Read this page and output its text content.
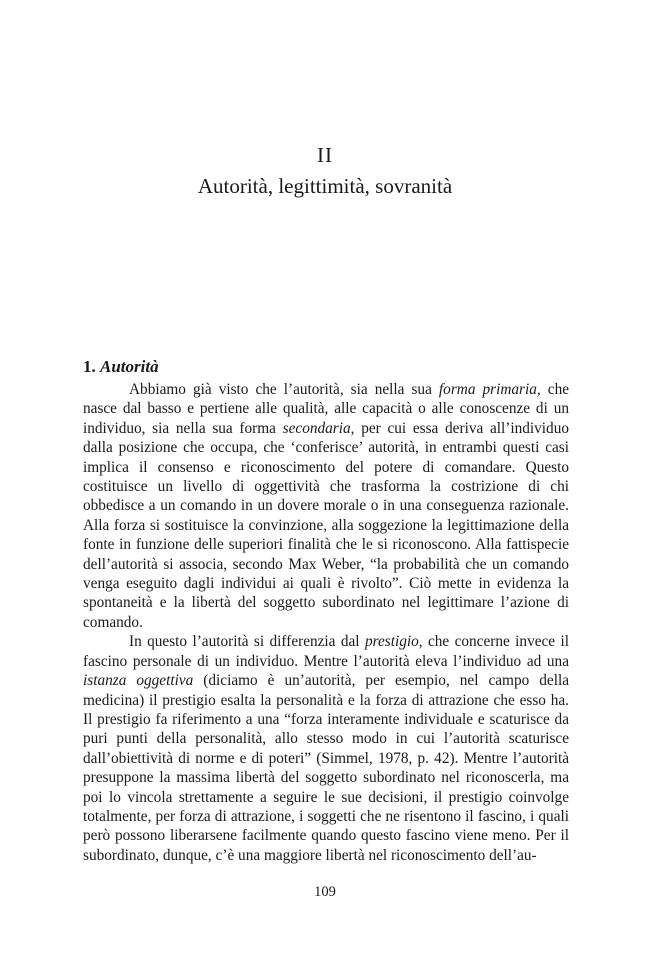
II
Autorità, legittimità, sovranità
1. Autorità

Abbiamo già visto che l’autorità, sia nella sua forma primaria, che nasce dal basso e pertiene alle qualità, alle capacità o alle conoscenze di un individuo, sia nella sua forma secondaria, per cui essa deriva all’individuo dalla posizione che occupa, che ‘conferisce’ autorità, in entrambi questi casi implica il consenso e riconoscimento del potere di comandare. Questo costituisce un livello di oggettività che trasforma la costrizione di chi obbedisce a un comando in un dovere morale o in una conseguenza razionale. Alla forza si sostituisce la convinzione, alla soggezione la legittimazione della fonte in funzione delle superiori finalità che le si riconoscono. Alla fattispecie dell’autorità si associa, secondo Max Weber, “la probabilità che un comando venga eseguito dagli individui ai quali è rivolto”. Ciò mette in evidenza la spontaneità e la libertà del soggetto subordinato nel legittimare l’azione di comando.

In questo l’autorità si differenzia dal prestigio, che concerne invece il fascino personale di un individuo. Mentre l’autorità eleva l’individuo ad una istanza oggettiva (diciamo è un’autorità, per esempio, nel campo della medicina) il prestigio esalta la personalità e la forza di attrazione che esso ha. Il prestigio fa riferimento a una “forza interamente individuale e scaturisce da puri punti della personalità, allo stesso modo in cui l’autorità scaturisce dall’obiettività di norme e di poteri” (Simmel, 1978, p. 42). Mentre l’autorità presuppone la massima libertà del soggetto subordinato nel riconoscerla, ma poi lo vincola strettamente a seguire le sue decisioni, il prestigio coinvolge totalmente, per forza di attrazione, i soggetti che ne risentono il fascino, i quali però possono liberarsene facilmente quando questo fascino viene meno. Per il subordinato, dunque, c’è una maggiore libertà nel riconoscimento dell’au-

109
